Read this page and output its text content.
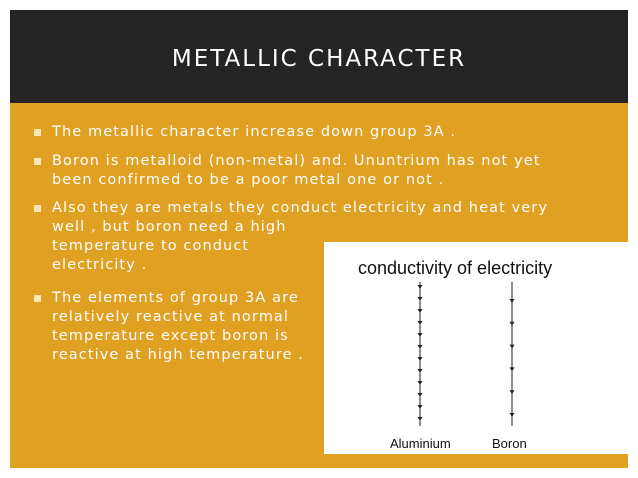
METALLIC CHARACTER
The metallic character increase down group 3A .
Boron is metalloid (non-metal) and. Ununtrium has not yet
been confirmed to be a poor metal one or not .
Also they are metals they conduct electricity and heat very
well , but boron need a high
temperature to conduct
electricity .
The elements of group 3A are
relatively reactive at normal
temperature except boron is
reactive at high temperature .
conductivity of electricity
Aluminium	Boron
